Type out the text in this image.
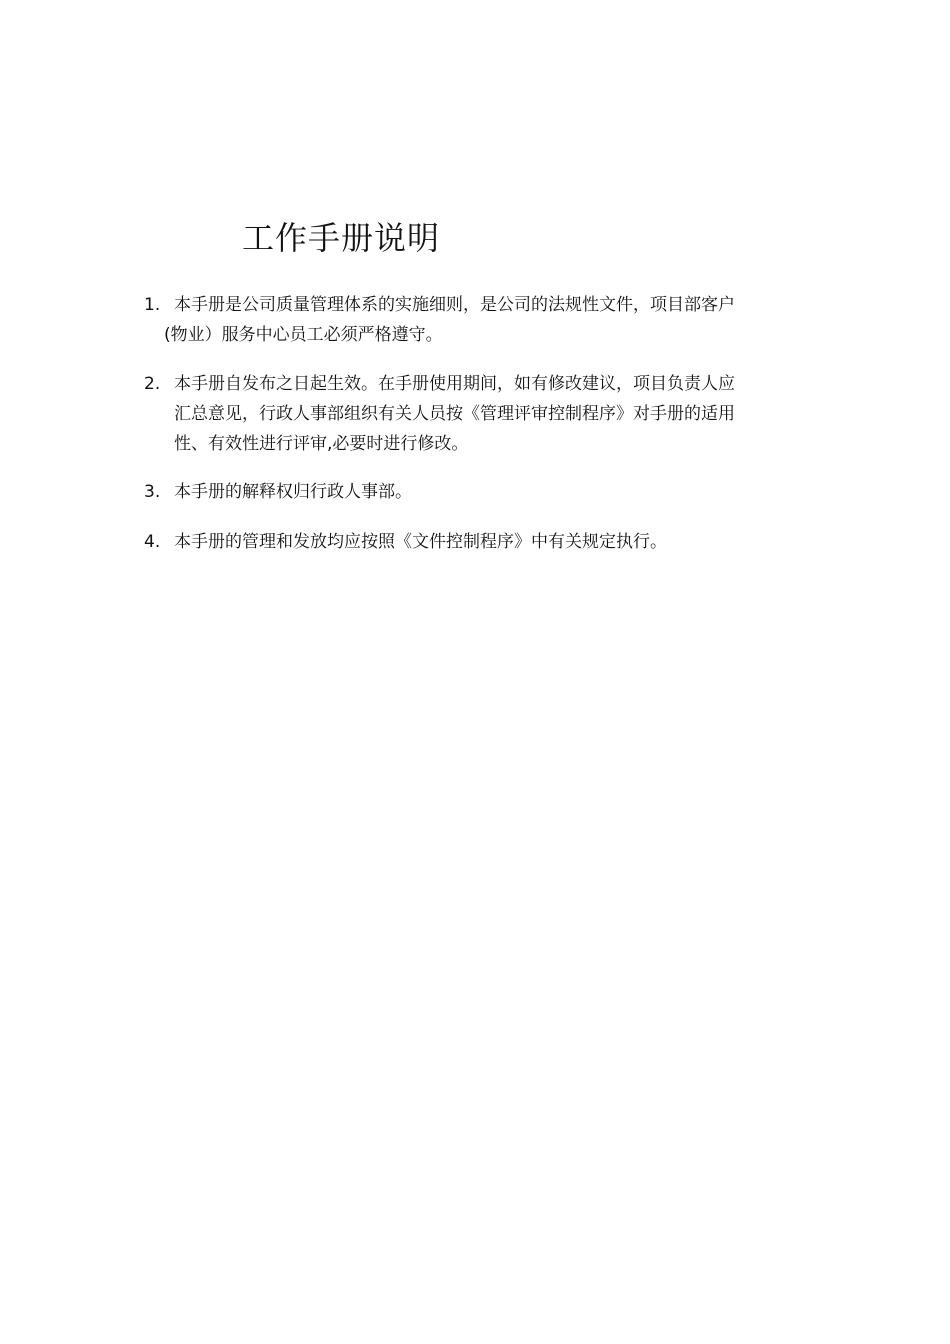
工作手册说明
1. 本手册是公司质量管理体系的实施细则，是公司的法规性文件，项目部客户
(物业）服务中心员工必须严格遵守。
2. 本手册自发布之日起生效。在手册使用期间，如有修改建议，项目负责人应
汇总意见，行政人事部组织有关人员按《管理评审控制程序》对手册的适用
性、有效性进行评审,必要时进行修改。
3. 本手册的解释权归行政人事部。
4. 本手册的管理和发放均应按照《文件控制程序》中有关规定执行。
